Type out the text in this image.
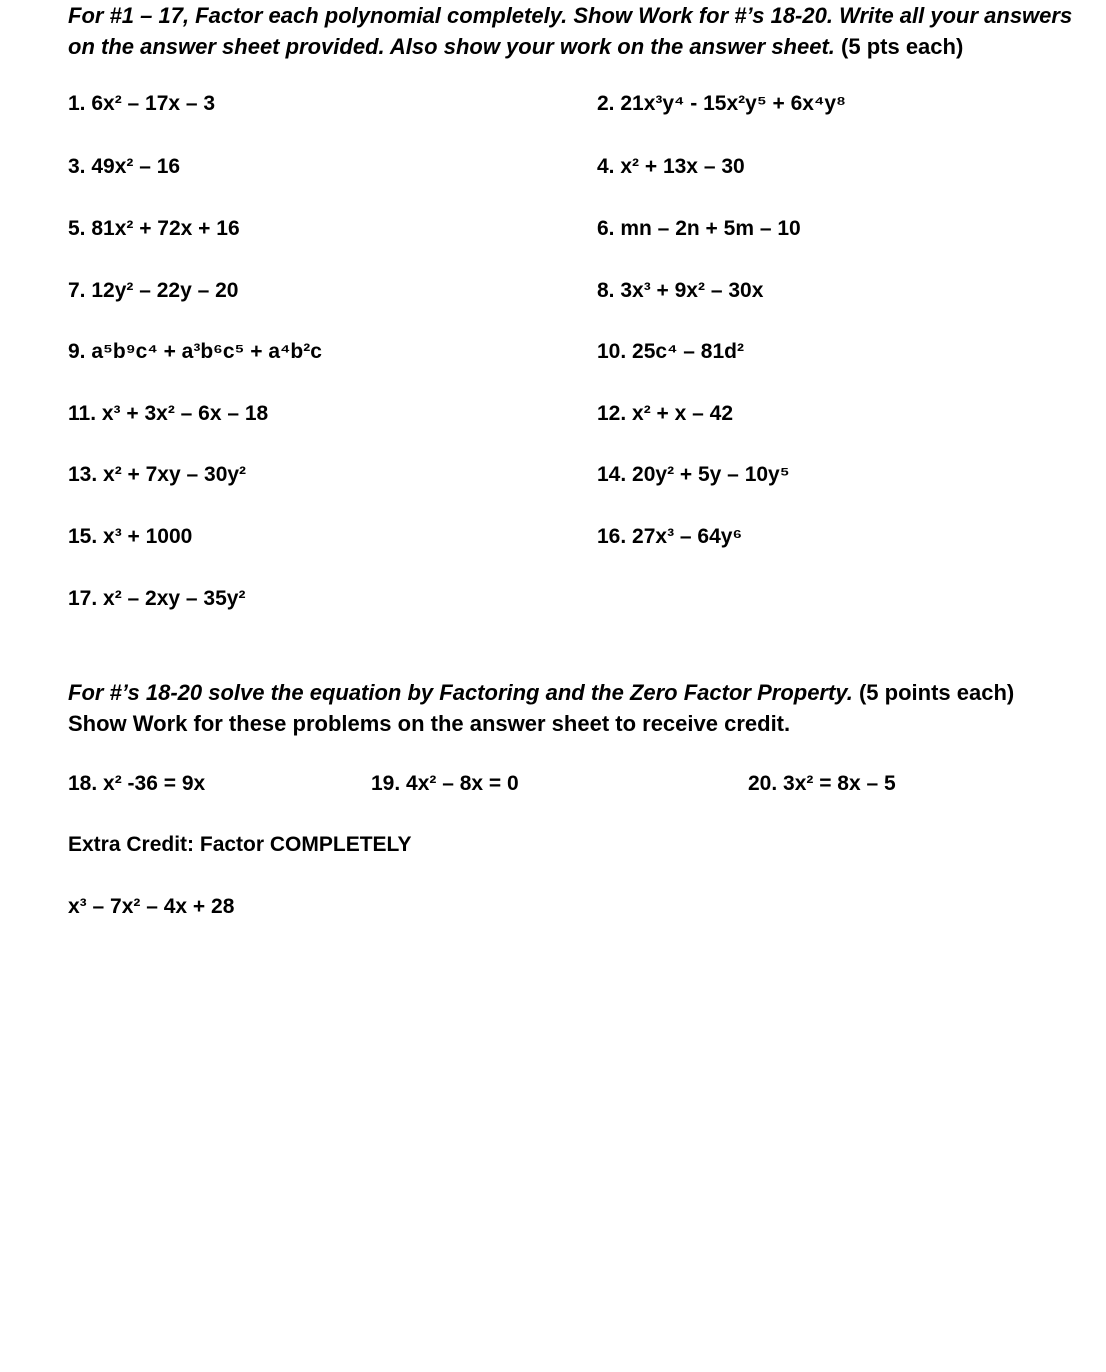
For #1 – 17, Factor each polynomial completely. Show Work for #’s 18-20. Write all your answers on the answer sheet provided. Also show your work on the answer sheet. (5 pts each)
1. 6x² – 17x – 3	2. 21x³y⁴ - 15x²y⁵ + 6x⁴y⁸
3. 49x² – 16	4. x² + 13x – 30
5. 81x² + 72x + 16	6. mn – 2n + 5m – 10
7. 12y² – 22y – 20	8. 3x³ + 9x² – 30x
9. a⁵b⁹c⁴ + a³b⁶c⁵ + a⁴b²c	10. 25c⁴ – 81d²
11. x³ + 3x² – 6x – 18	12. x² + x – 42
13. x² + 7xy – 30y²	14. 20y² + 5y – 10y⁵
15. x³ + 1000	16. 27x³ – 64y⁶
17. x² – 2xy – 35y²
For #’s 18-20 solve the equation by Factoring and the Zero Factor Property. (5 points each)
Show Work for these problems on the answer sheet to receive credit.
18. x² -36 = 9x	19. 4x² – 8x = 0	20. 3x² = 8x – 5
Extra Credit: Factor COMPLETELY
x³ – 7x² – 4x + 28
